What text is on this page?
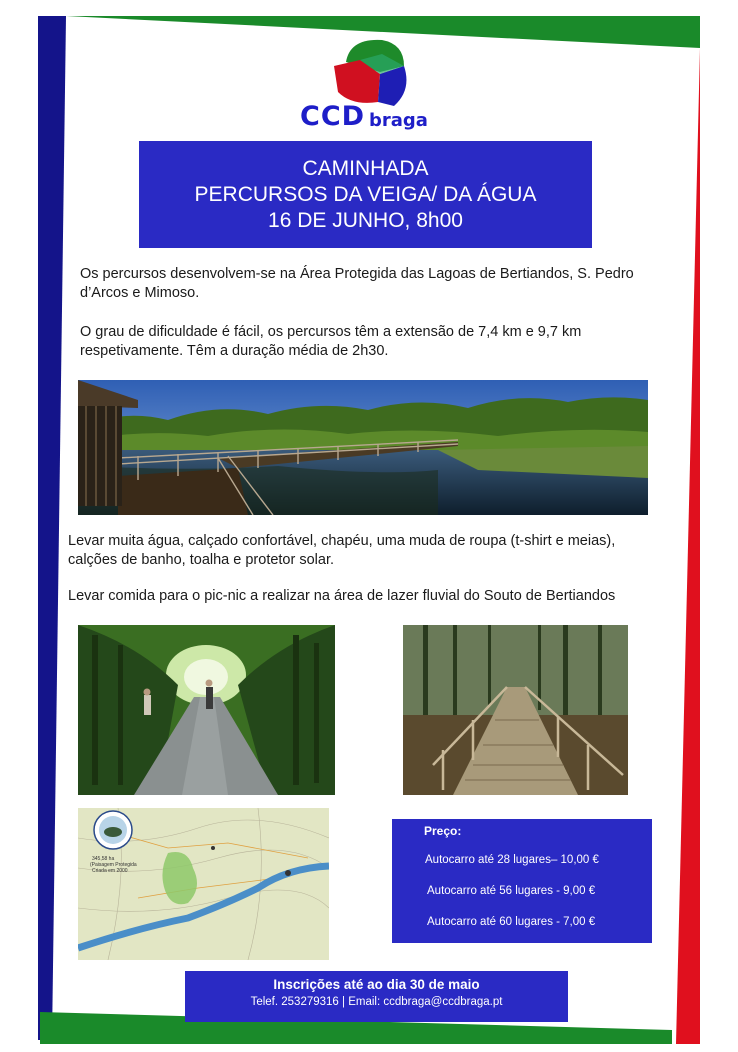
CCD braga
CAMINHADA
PERCURSOS DA VEIGA/ DA ÁGUA
16 DE JUNHO, 8h00
Os percursos desenvolvem-se na Área Protegida das Lagoas de Bertiandos, S. Pedro d’Arcos e Mimoso.
O grau de dificuldade é fácil, os percursos têm a extensão de 7,4 km e 9,7 km respetivamente. Têm a duração média de 2h30.
Levar muita água, calçado confortável, chapéu, uma muda de roupa (t-shirt e meias), calções de banho, toalha e protetor solar.
Levar comida para o pic-nic a realizar na área de lazer fluvial do Souto de Bertiandos
345,58 ha
(Paisagem Protegida
Criada em 2000
Preço:
Autocarro até 28 lugares– 10,00 €
Autocarro até 56 lugares - 9,00 €
Autocarro até 60 lugares - 7,00 €
Inscrições até ao dia 30 de maio
Telef. 253279316 | Email: ccdbraga@ccdbraga.pt
